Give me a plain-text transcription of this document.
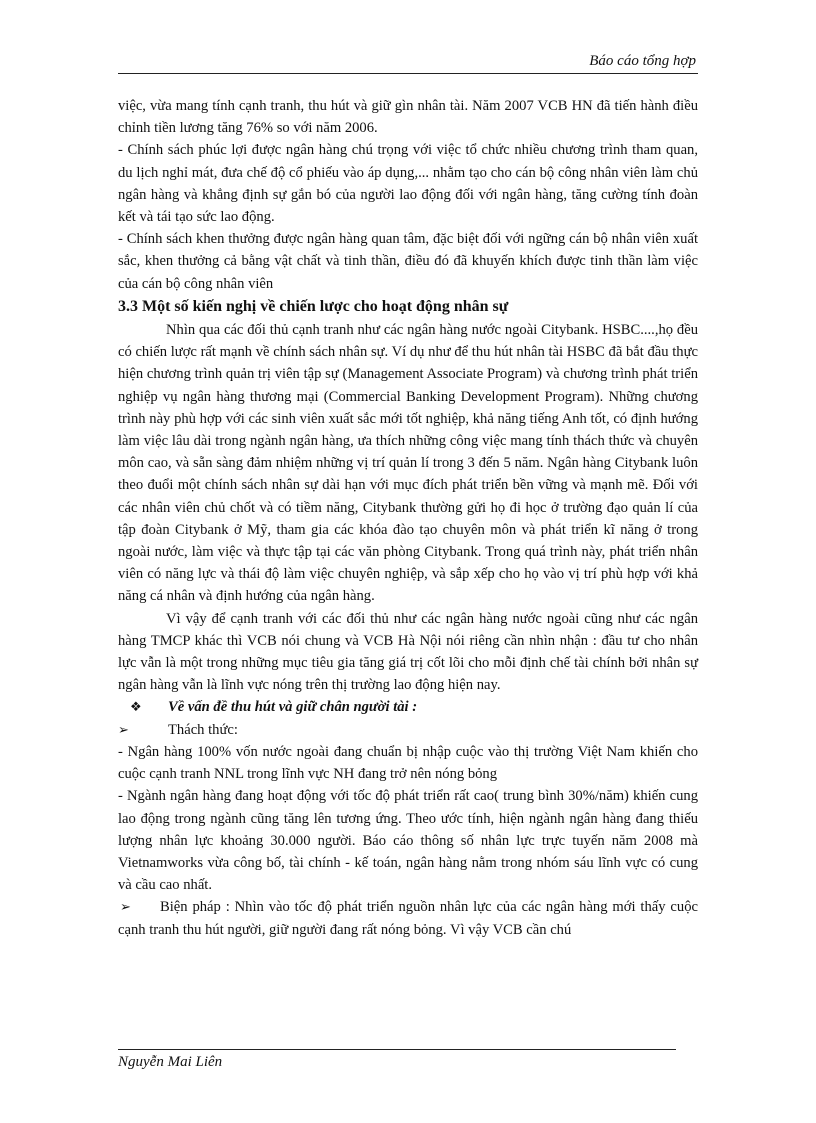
Báo cáo tổng hợp

việc, vừa mang tính cạnh tranh, thu hút và giữ gìn nhân tài. Năm 2007 VCB HN đã tiến hành điều chỉnh tiền lương tăng 76% so với năm 2006.

- Chính sách phúc lợi được ngân hàng chú trọng với việc tổ chức nhiều chương trình tham quan, du lịch nghỉ mát, đưa chế độ cổ phiếu vào áp dụng,... nhằm tạo cho cán bộ công nhân viên làm chủ ngân hàng và khẳng định sự gắn bó của người lao động đối với ngân hàng, tăng cường tính đoàn kết và tái tạo sức lao động.

- Chính sách khen thưởng được ngân hàng quan tâm, đặc biệt đối với ngững cán bộ nhân viên xuất sắc, khen thưởng cả bằng vật chất và tinh thần, điều đó đã khuyến khích được tinh thần làm việc của cán bộ công nhân viên

3.3 Một số kiến nghị về chiến lược cho hoạt động nhân sự

Nhìn qua các đối thủ cạnh tranh như các ngân hàng nước ngoài Citybank. HSBC....,họ đều có chiến lược rất mạnh về chính sách nhân sự. Ví dụ như để thu hút nhân tài HSBC đã bắt đầu thực hiện chương trình quản trị viên tập sự (Management Associate Program) và chương trình phát triển nghiệp vụ ngân hàng thương mại (Commercial Banking Development Program). Những chương trình này phù hợp với các sinh viên xuất sắc mới tốt nghiệp, khả năng tiếng Anh tốt, có định hướng làm việc lâu dài trong ngành ngân hàng, ưa thích những công việc mang tính thách thức và chuyên môn cao, và sẵn sàng đảm nhiệm những vị trí quản lí trong 3 đến 5 năm. Ngân hàng Citybank luôn theo đuổi một chính sách nhân sự dài hạn với mục đích phát triển bền vững và mạnh mẽ. Đối với các nhân viên chủ chốt và có tiềm năng, Citybank thường gửi họ đi học ở trường đạo quản lí của tập đoàn Citybank ở Mỹ, tham gia các khóa đào tạo chuyên môn và phát triển kĩ năng ở trong ngoài nước, làm việc và thực tập tại các văn phòng Citybank. Trong quá trình này, phát triển nhân viên có năng lực và thái độ làm việc chuyên nghiệp, và sắp xếp cho họ vào vị trí phù hợp với khả năng cá nhân và định hướng của ngân hàng.

Vì vậy để cạnh tranh với các đối thủ như các ngân hàng nước ngoài cũng như các ngân hàng TMCP khác thì VCB nói chung và VCB Hà Nội nói riêng cần nhìn nhận : đầu tư cho nhân lực vẫn là một trong những mục tiêu gia tăng giá trị cốt lõi cho mỗi định chế tài chính bởi nhân sự ngân hàng vẫn là lĩnh vực nóng trên thị trường lao động hiện nay.

❖	Về vấn đề thu hút và giữ chân người tài :
➢	Thách thức:

- Ngân hàng 100% vốn nước ngoài đang chuẩn bị nhập cuộc vào thị trường Việt Nam khiến cho cuộc cạnh tranh NNL trong lĩnh vực NH đang trở nên nóng bỏng

- Ngành ngân hàng đang hoạt động với tốc độ phát triển rất cao( trung bình 30%/năm) khiến cung lao động trong ngành cũng tăng lên tương ứng. Theo ước tính, hiện ngành ngân hàng đang thiếu lượng nhân lực khoảng 30.000 người. Báo cáo thông số nhân lực trực tuyến năm 2008 mà Vietnamworks vừa công bố, tài chính - kế toán, ngân hàng nằm trong nhóm sáu lĩnh vực có cung và cầu cao nhất.

➢ Biện pháp : Nhìn vào tốc độ phát triển nguồn nhân lực của các ngân hàng mới thấy cuộc cạnh tranh thu hút người, giữ người đang rất nóng bỏng. Vì vậy VCB cần chú

Nguyễn Mai Liên
